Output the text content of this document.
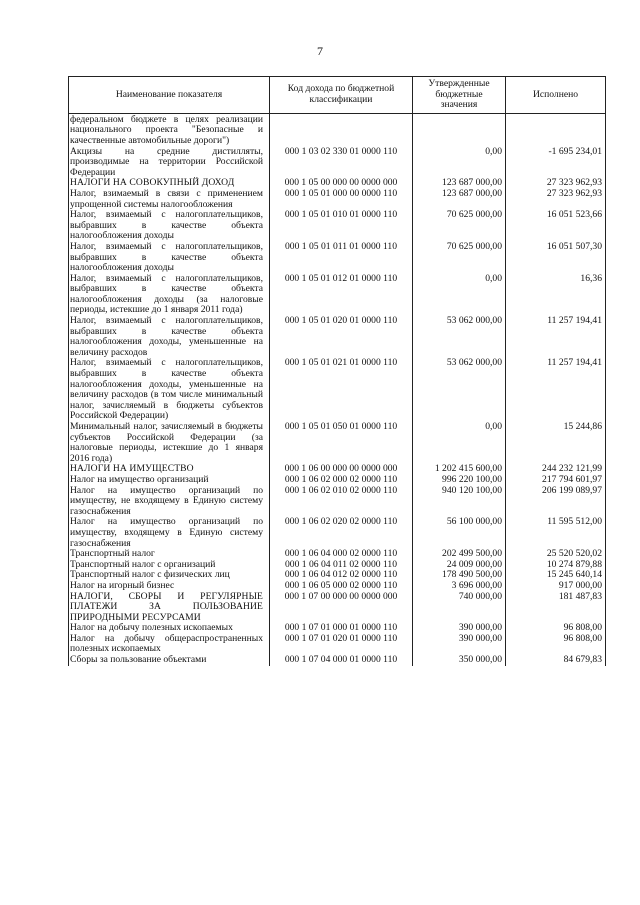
7
Наименование показателя	Код дохода по бюджетной классификации	Утвержденные бюджетные значения	Исполнено
федеральном бюджете в целях реализации национального проекта "Безопасные и качественные автомобильные дороги")			
Акцизы на средние дистилляты, производимые на территории Российской Федерации	000 1 03 02 330 01 0000 110	0,00	-1 695 234,01
НАЛОГИ НА СОВОКУПНЫЙ ДОХОД	000 1 05 00 000 00 0000 000	123 687 000,00	27 323 962,93
Налог, взимаемый в связи с применением упрощенной системы налогообложения	000 1 05 01 000 00 0000 110	123 687 000,00	27 323 962,93
Налог, взимаемый с налогоплательщиков, выбравших в качестве объекта налогообложения доходы	000 1 05 01 010 01 0000 110	70 625 000,00	16 051 523,66
Налог, взимаемый с налогоплательщиков, выбравших в качестве объекта налогообложения доходы	000 1 05 01 011 01 0000 110	70 625 000,00	16 051 507,30
Налог, взимаемый с налогоплательщиков, выбравших в качестве объекта налогообложения доходы (за налоговые периоды, истекшие до 1 января 2011 года)	000 1 05 01 012 01 0000 110	0,00	16,36
Налог, взимаемый с налогоплательщиков, выбравших в качестве объекта налогообложения доходы, уменьшенные на величину расходов	000 1 05 01 020 01 0000 110	53 062 000,00	11 257 194,41
Налог, взимаемый с налогоплательщиков, выбравших в качестве объекта налогообложения доходы, уменьшенные на величину расходов (в том числе минимальный налог, зачисляемый в бюджеты субъектов Российской Федерации)	000 1 05 01 021 01 0000 110	53 062 000,00	11 257 194,41
Минимальный налог, зачисляемый в бюджеты субъектов Российской Федерации (за налоговые периоды, истекшие до 1 января 2016 года)	000 1 05 01 050 01 0000 110	0,00	15 244,86
НАЛОГИ НА ИМУЩЕСТВО	000 1 06 00 000 00 0000 000	1 202 415 600,00	244 232 121,99
Налог на имущество организаций	000 1 06 02 000 02 0000 110	996 220 100,00	217 794 601,97
Налог на имущество организаций по имуществу, не входящему в Единую систему газоснабжения	000 1 06 02 010 02 0000 110	940 120 100,00	206 199 089,97
Налог на имущество организаций по имуществу, входящему в Единую систему газоснабжения	000 1 06 02 020 02 0000 110	56 100 000,00	11 595 512,00
Транспортный налог	000 1 06 04 000 02 0000 110	202 499 500,00	25 520 520,02
Транспортный налог с организаций	000 1 06 04 011 02 0000 110	24 009 000,00	10 274 879,88
Транспортный налог с физических лиц	000 1 06 04 012 02 0000 110	178 490 500,00	15 245 640,14
Налог на игорный бизнес	000 1 06 05 000 02 0000 110	3 696 000,00	917 000,00
НАЛОГИ, СБОРЫ И РЕГУЛЯРНЫЕ ПЛАТЕЖИ ЗА ПОЛЬЗОВАНИЕ ПРИРОДНЫМИ РЕСУРСАМИ	000 1 07 00 000 00 0000 000	740 000,00	181 487,83
Налог на добычу полезных ископаемых	000 1 07 01 000 01 0000 110	390 000,00	96 808,00
Налог на добычу общераспространенных полезных ископаемых	000 1 07 01 020 01 0000 110	390 000,00	96 808,00
Сборы за пользование объектами	000 1 07 04 000 01 0000 110	350 000,00	84 679,83
